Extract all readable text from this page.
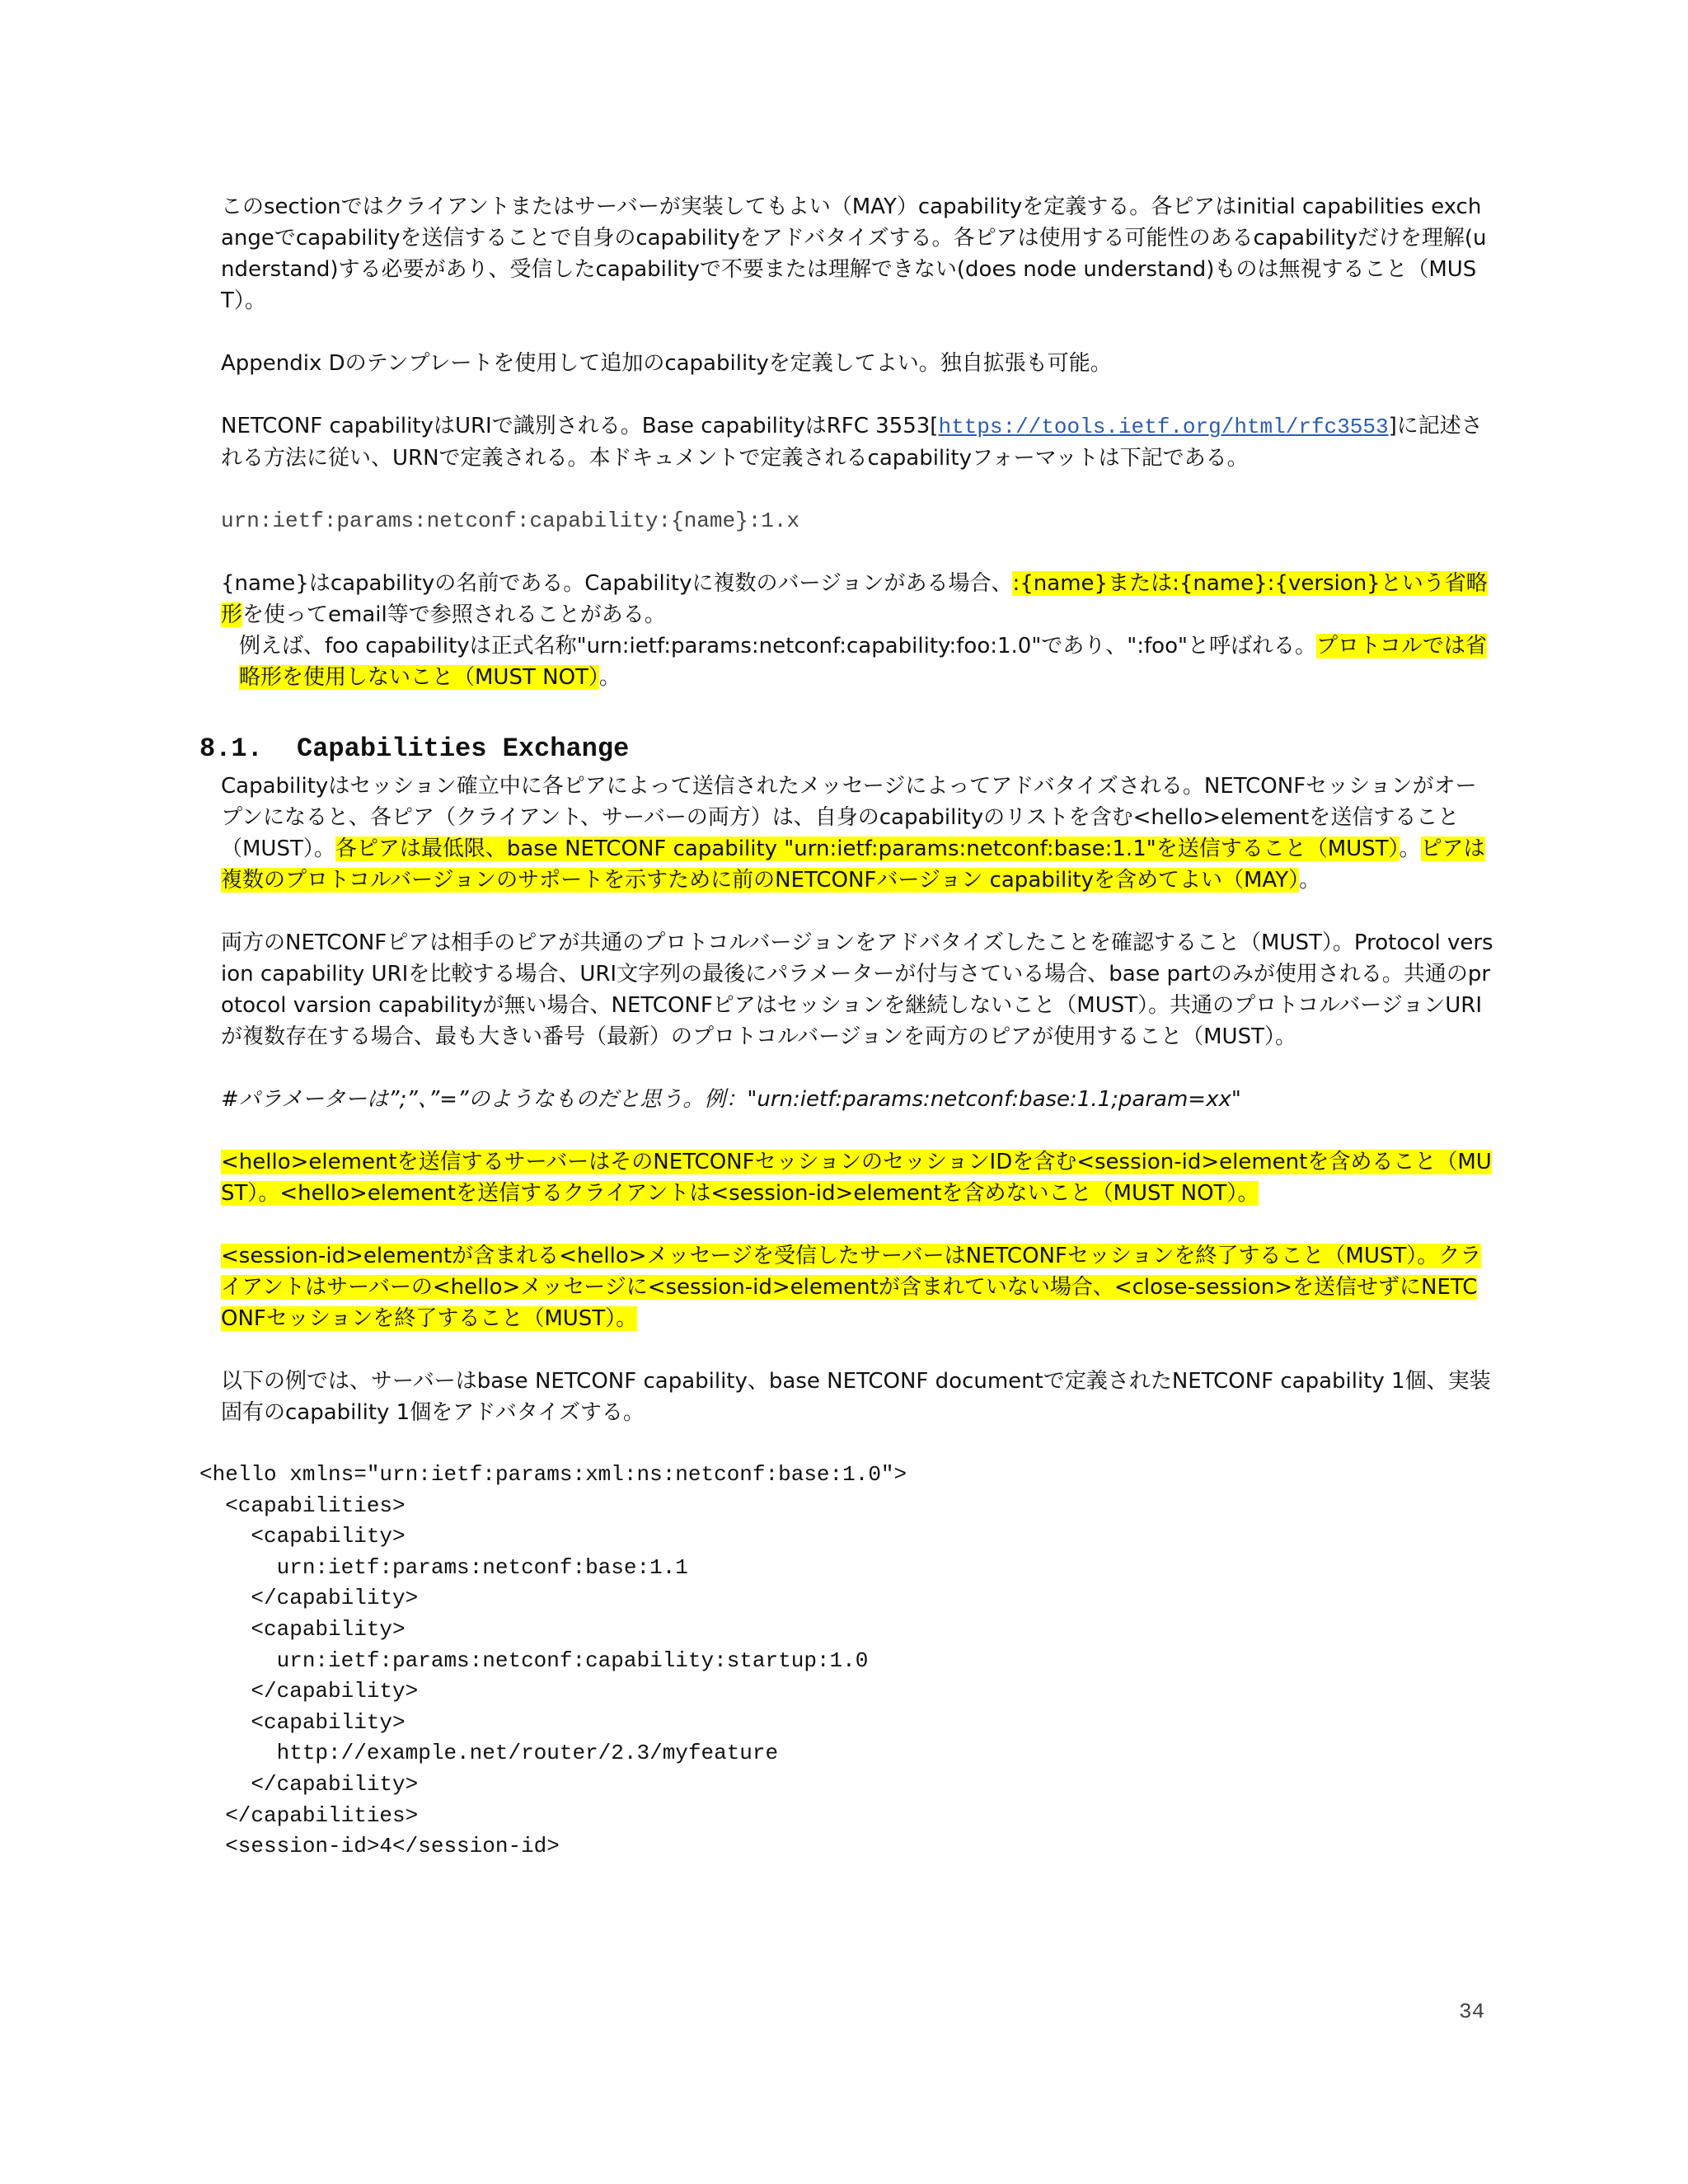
このsectionではクライアントまたはサーバーが実装してもよい（MAY）capabilityを定義する。各ピアはinitial capabilities exchangeでcapabilityを送信することで自身のcapabilityをアドバタイズする。各ピアは使用する可能性のあるcapabilityだけを理解(understand)する必要があり、受信したcapabilityで不要または理解できない(does node understand)ものは無視すること（MUST）。

Appendix Dのテンプレートを使用して追加のcapabilityを定義してよい。独自拡張も可能。

NETCONF capabilityはURIで識別される。Base capabilityはRFC 3553[https://tools.ietf.org/html/rfc3553]に記述される方法に従い、URNで定義される。本ドキュメントで定義されるcapabilityフォーマットは下記である。

urn:ietf:params:netconf:capability:{name}:1.x

{name}はcapabilityの名前である。Capabilityに複数のバージョンがある場合、:{name}または:{name}:{version}という省略形を使ってemail等で参照されることがある。

例えば、foo capabilityは正式名称"urn:ietf:params:netconf:capability:foo:1.0"であり、":foo"と呼ばれる。プロトコルでは省略形を使用しないこと（MUST NOT）。

8.1. Capabilities Exchange

Capabilityはセッション確立中に各ピアによって送信されたメッセージによってアドバタイズされる。NETCONFセッションがオープンになると、各ピア（クライアント、サーバーの両方）は、自身のcapabilityのリストを含む<hello>elementを送信すること（MUST）。各ピアは最低限、base NETCONF capability "urn:ietf:params:netconf:base:1.1"を送信すること（MUST）。ピアは複数のプロトコルバージョンのサポートを示すために前のNETCONFバージョン capabilityを含めてよい（MAY）。

両方のNETCONFピアは相手のピアが共通のプロトコルバージョンをアドバタイズしたことを確認すること（MUST）。Protocol version capability URIを比較する場合、URI文字列の最後にパラメーターが付与さている場合、base partのみが使用される。共通のprotocol varsion capabilityが無い場合、NETCONFピアはセッションを継続しないこと（MUST）。共通のプロトコルバージョンURIが複数存在する場合、最も大きい番号（最新）のプロトコルバージョンを両方のピアが使用すること（MUST）。

#パラメーターは”;”、”=”のようなものだと思う。例："urn:ietf:params:netconf:base:1.1;param=xx"

<hello>elementを送信するサーバーはそのNETCONFセッションのセッションIDを含む<session-id>elementを含めること（MUST）。<hello>elementを送信するクライアントは<session-id>elementを含めないこと（MUST NOT）。

<session-id>elementが含まれる<hello>メッセージを受信したサーバーはNETCONFセッションを終了すること（MUST）。クライアントはサーバーの<hello>メッセージに<session-id>elementが含まれていない場合、<close-session>を送信せずにNETCONFセッションを終了すること（MUST）。

以下の例では、サーバーはbase NETCONF capability、base NETCONF documentで定義されたNETCONF capability 1個、実装固有のcapability 1個をアドバタイズする。

<hello xmlns="urn:ietf:params:xml:ns:netconf:base:1.0">

<capabilities>

<capability>

urn:ietf:params:netconf:base:1.1

</capability>

<capability>

urn:ietf:params:netconf:capability:startup:1.0

</capability>

<capability>

http://example.net/router/2.3/myfeature

</capability>

</capabilities>

<session-id>4</session-id>

34
